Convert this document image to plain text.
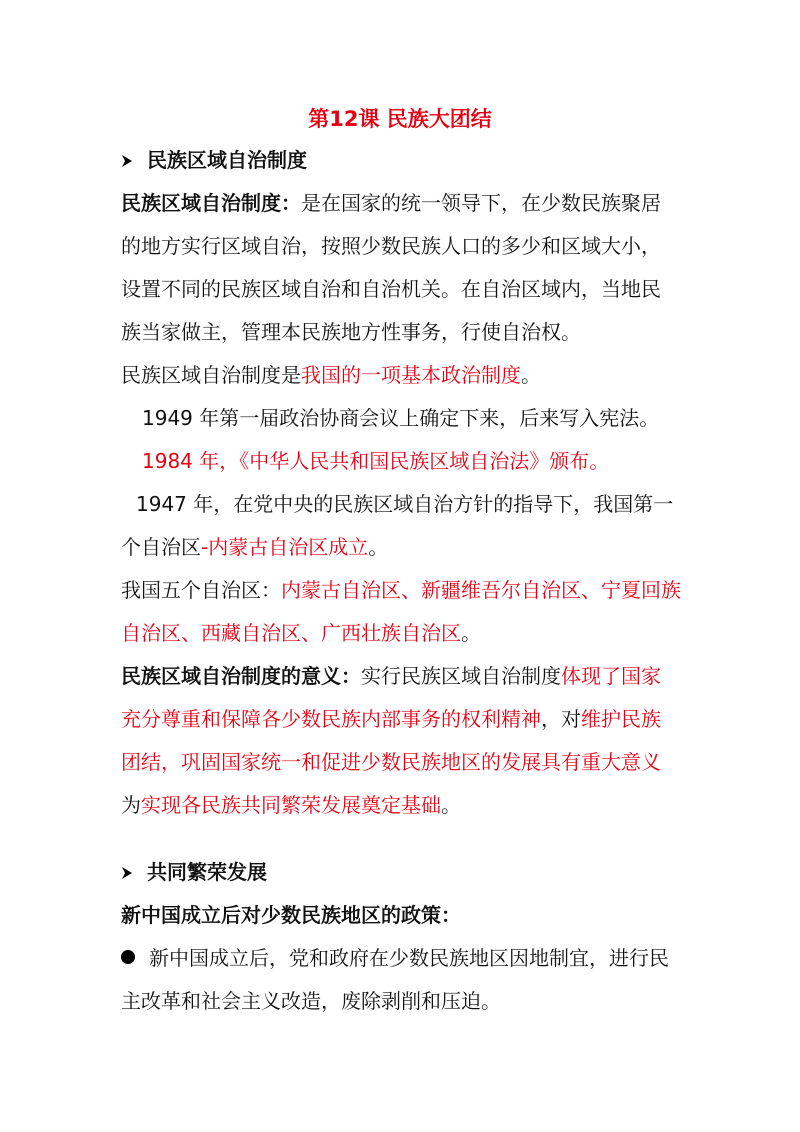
第12课 民族大团结
民族区域自治制度
民族区域自治制度：是在国家的统一领导下，在少数民族聚居
的地方实行区域自治，按照少数民族人口的多少和区域大小，
设置不同的民族区域自治和自治机关。在自治区域内，当地民
族当家做主，管理本民族地方性事务，行使自治权。
民族区域自治制度是我国的一项基本政治制度。
1949 年第一届政治协商会议上确定下来，后来写入宪法。
1984 年，《中华人民共和国民族区域自治法》颁布。
1947 年，在党中央的民族区域自治方针的指导下，我国第一
个自治区-内蒙古自治区成立。
我国五个自治区：内蒙古自治区、新疆维吾尔自治区、宁夏回族
自治区、西藏自治区、广西壮族自治区。
民族区域自治制度的意义：实行民族区域自治制度体现了国家
充分尊重和保障各少数民族内部事务的权利精神，对维护民族
团结，巩固国家统一和促进少数民族地区的发展具有重大意义
为实现各民族共同繁荣发展奠定基础。
共同繁荣发展
新中国成立后对少数民族地区的政策：
新中国成立后，党和政府在少数民族地区因地制宜，进行民
主改革和社会主义改造，废除剥削和压迫。
